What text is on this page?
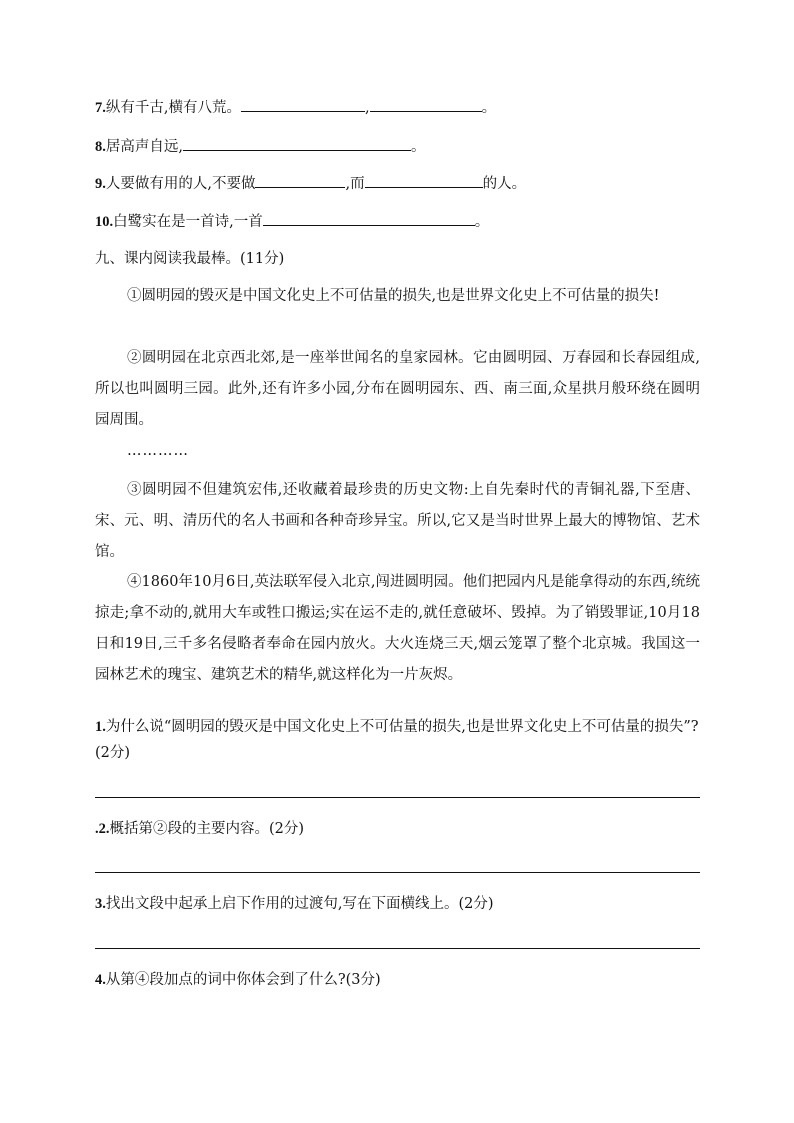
7.纵有千古,横有八荒。	,	。
8.居高声自远,	。
9.人要做有用的人,不要做	,而	的人。
10.白鹭实在是一首诗,一首	。
九、课内阅读我最棒。(11分)
①圆明园的毁灭是中国文化史上不可估量的损失,也是世界文化史上不可估量的损失!
②圆明园在北京西北郊,是一座举世闻名的皇家园林。它由圆明园、万春园和长春园组成,所以也叫圆明三园。此外,还有许多小园,分布在圆明园东、西、南三面,众星拱月般环绕在圆明园周围。
…………
③圆明园不但建筑宏伟,还收藏着最珍贵的历史文物:上自先秦时代的青铜礼器,下至唐、宋、元、明、清历代的名人书画和各种奇珍异宝。所以,它又是当时世界上最大的博物馆、艺术馆。
④1860年10月6日,英法联军侵入北京,闯进圆明园。他们把园内凡是能拿得动的东西,统统掠走;拿不动的,就用大车或牲口搬运;实在运不走的,就任意破坏、毁掉。为了销毁罪证,10月18日和19日,三千多名侵略者奉命在园内放火。大火连烧三天,烟云笼罩了整个北京城。我国这一园林艺术的瑰宝、建筑艺术的精华,就这样化为一片灰烬。
1.为什么说“圆明园的毁灭是中国文化史上不可估量的损失,也是世界文化史上不可估量的损失”?(2分)
.2.概括第②段的主要内容。(2分)
3.找出文段中起承上启下作用的过渡句,写在下面横线上。(2分)
4.从第④段加点的词中你体会到了什么?(3分)
